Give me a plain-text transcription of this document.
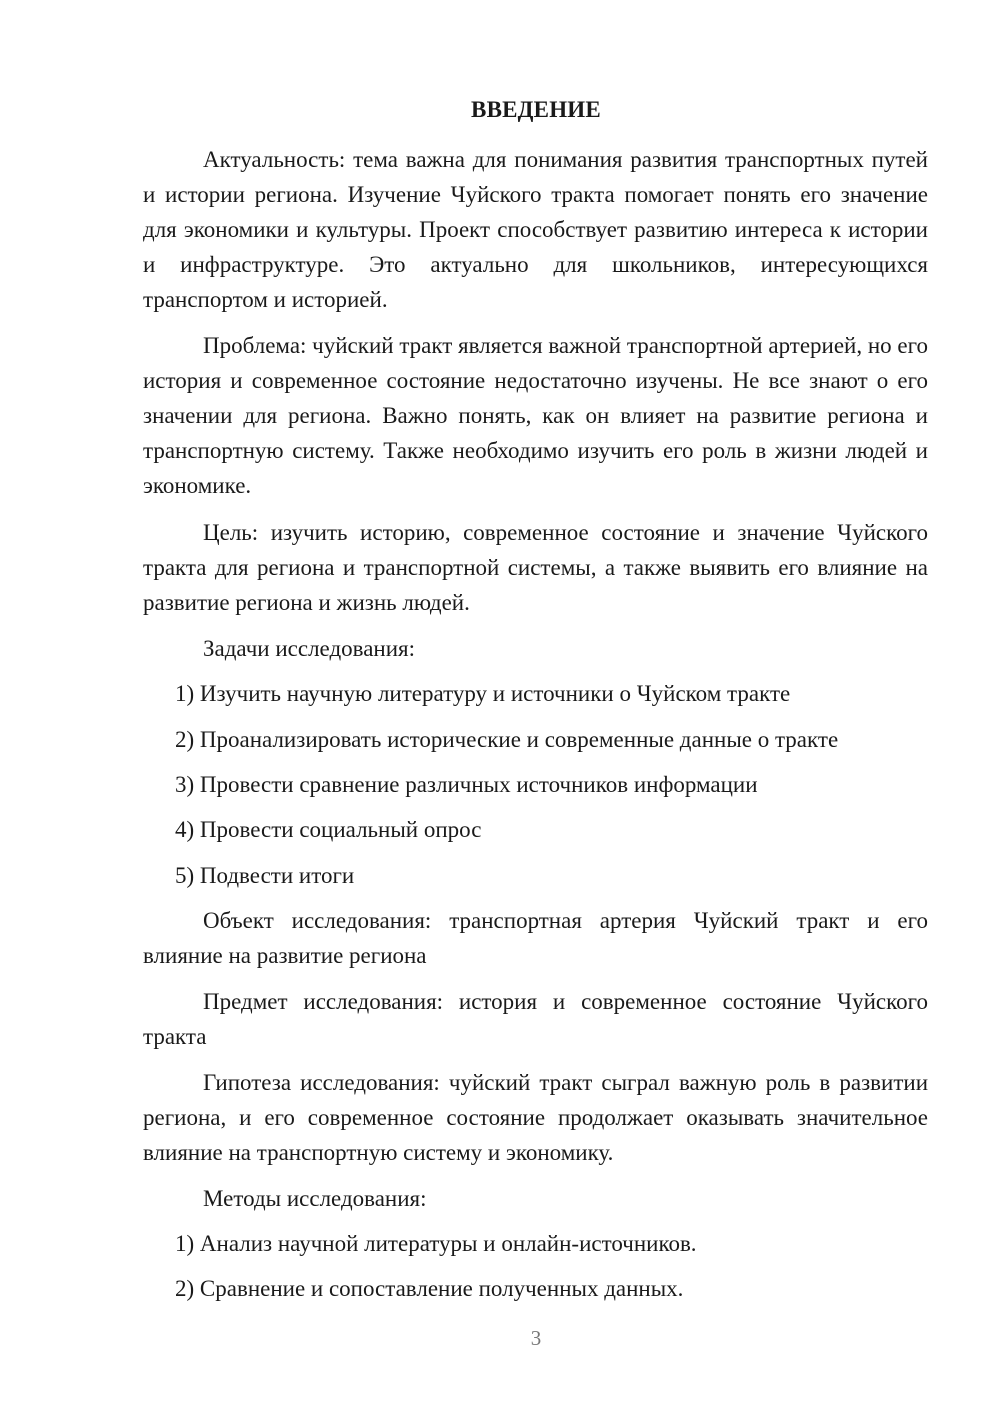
ВВЕДЕНИЕ

Актуальность: тема важна для понимания развития транспортных путей и истории региона. Изучение Чуйского тракта помогает понять его значение для экономики и культуры. Проект способствует развитию интереса к истории и инфраструктуре. Это актуально для школьников, интересующихся транспортом и историей.

Проблема: чуйский тракт является важной транспортной артерией, но его история и современное состояние недостаточно изучены. Не все знают о его значении для региона. Важно понять, как он влияет на развитие региона и транспортную систему. Также необходимо изучить его роль в жизни людей и экономике.

Цель: изучить историю, современное состояние и значение Чуйского тракта для региона и транспортной системы, а также выявить его влияние на развитие региона и жизнь людей.

Задачи исследования:

1) Изучить научную литературу и источники о Чуйском тракте

2) Проанализировать исторические и современные данные о тракте

3) Провести сравнение различных источников информации

4) Провести социальный опрос

5) Подвести итоги

Объект исследования: транспортная артерия Чуйский тракт и его влияние на развитие региона

Предмет исследования: история и современное состояние Чуйского тракта

Гипотеза исследования: чуйский тракт сыграл важную роль в развитии региона, и его современное состояние продолжает оказывать значительное влияние на транспортную систему и экономику.

Методы исследования:

1) Анализ научной литературы и онлайн-источников.

2) Сравнение и сопоставление полученных данных.

3
